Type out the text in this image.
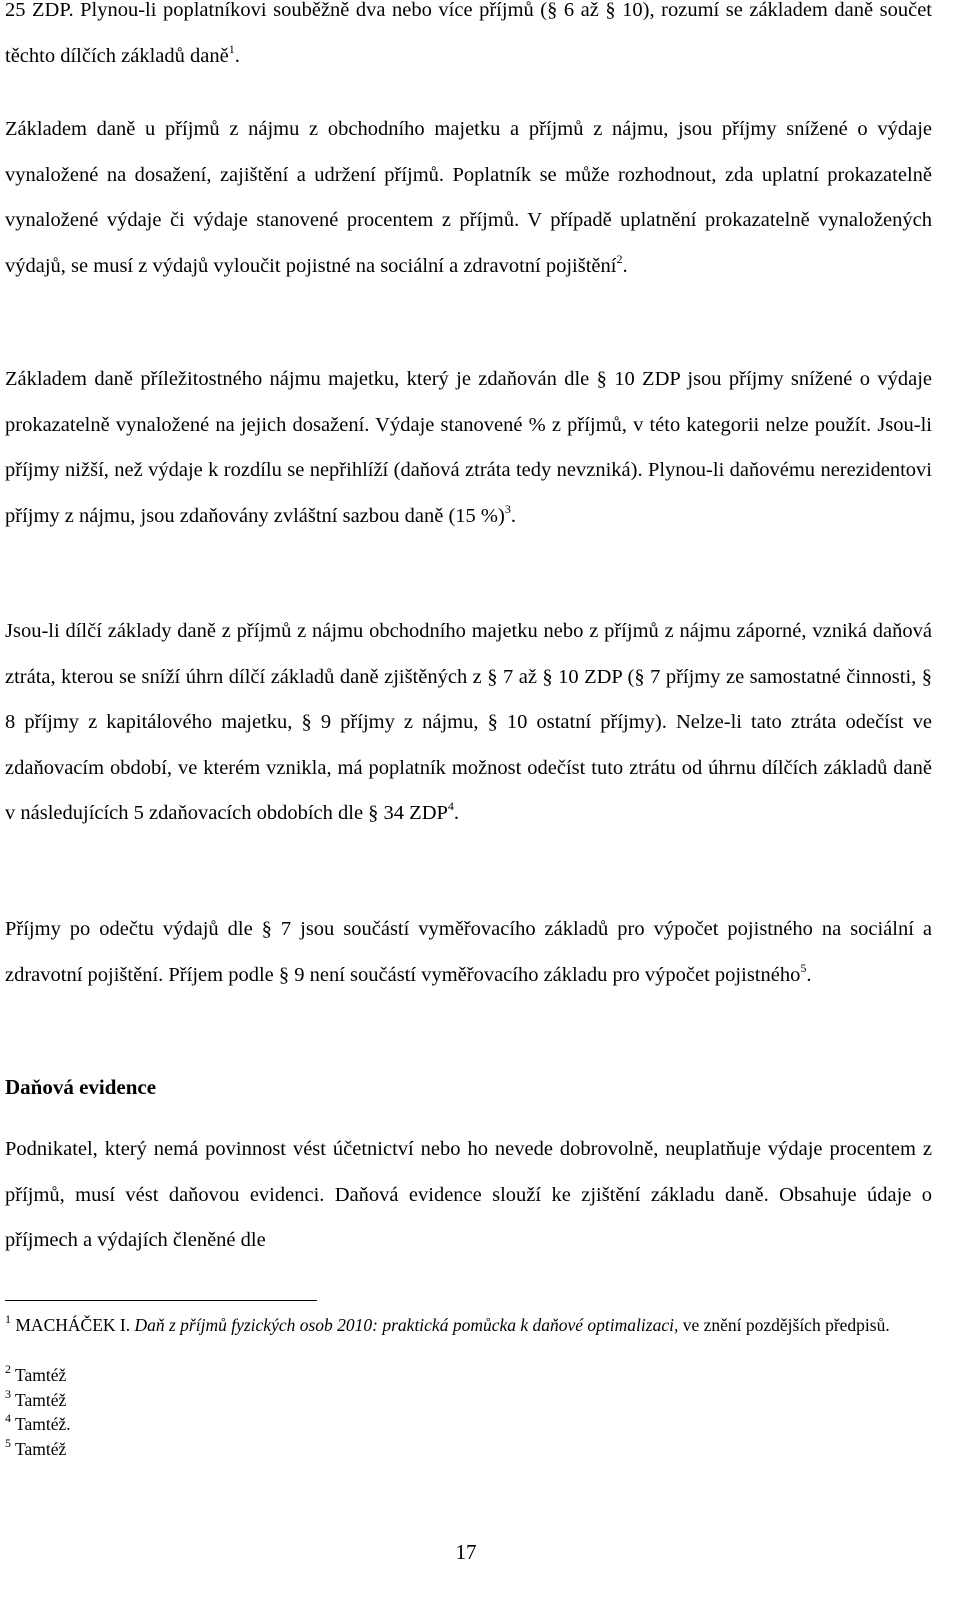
25 ZDP. Plynou-li poplatníkovi souběžně dva nebo více příjmů (§ 6 až § 10), rozumí se základem daně součet těchto dílčích základů daně$^1$.

Základem daně u příjmů z nájmu z obchodního majetku a příjmů z nájmu, jsou příjmy snížené o výdaje vynaložené na dosažení, zajištění a udržení příjmů. Poplatník se může rozhodnout, zda uplatní prokazatelně vynaložené výdaje či výdaje stanovené procentem z příjmů. V případě uplatnění prokazatelně vynaložených výdajů, se musí z výdajů vyloučit pojistné na sociální a zdravotní pojištění$^2$.

Základem daně příležitostného nájmu majetku, který je zdaňován dle § 10 ZDP jsou příjmy snížené o výdaje prokazatelně vynaložené na jejich dosažení. Výdaje stanovené % z příjmů, v této kategorii nelze použít. Jsou-li příjmy nižší, než výdaje k rozdílu se nepřihlíží (daňová ztráta tedy nevzniká). Plynou-li daňovému nerezidentovi příjmy z nájmu, jsou zdaňovány zvláštní sazbou daně (15 %)$^3$.

Jsou-li dílčí základy daně z příjmů z nájmu obchodního majetku nebo z příjmů z nájmu záporné, vzniká daňová ztráta, kterou se sníží úhrn dílčí základů daně zjištěných z § 7 až § 10 ZDP (§ 7 příjmy ze samostatné činnosti, § 8 příjmy z kapitálového majetku, § 9 příjmy z nájmu, § 10 ostatní příjmy). Nelze-li tato ztráta odečíst ve zdaňovacím období, ve kterém vznikla, má poplatník možnost odečíst tuto ztrátu od úhrnu dílčích základů daně v následujících 5 zdaňovacích obdobích dle § 34 ZDP$^4$.

Příjmy po odečtu výdajů dle § 7 jsou součástí vyměřovacího základů pro výpočet pojistného na sociální a zdravotní pojištění. Příjem podle § 9 není součástí vyměřovacího základu pro výpočet pojistného$^5$.

Daňová evidence

Podnikatel, který nemá povinnost vést účetnictví nebo ho nevede dobrovolně, neuplatňuje výdaje procentem z příjmů, musí vést daňovou evidenci. Daňová evidence slouží ke zjištění základu daně. Obsahuje údaje o příjmech a výdajích členěné dle

$^1$ MACHÁČEK I. Daň z příjmů fyzických osob 2010: praktická pomůcka k daňové optimalizaci, ve znění pozdějších předpisů.

$^2$ Tamtéž

$^3$ Tamtéž

$^4$ Tamtéž.

$^5$ Tamtéž

17
